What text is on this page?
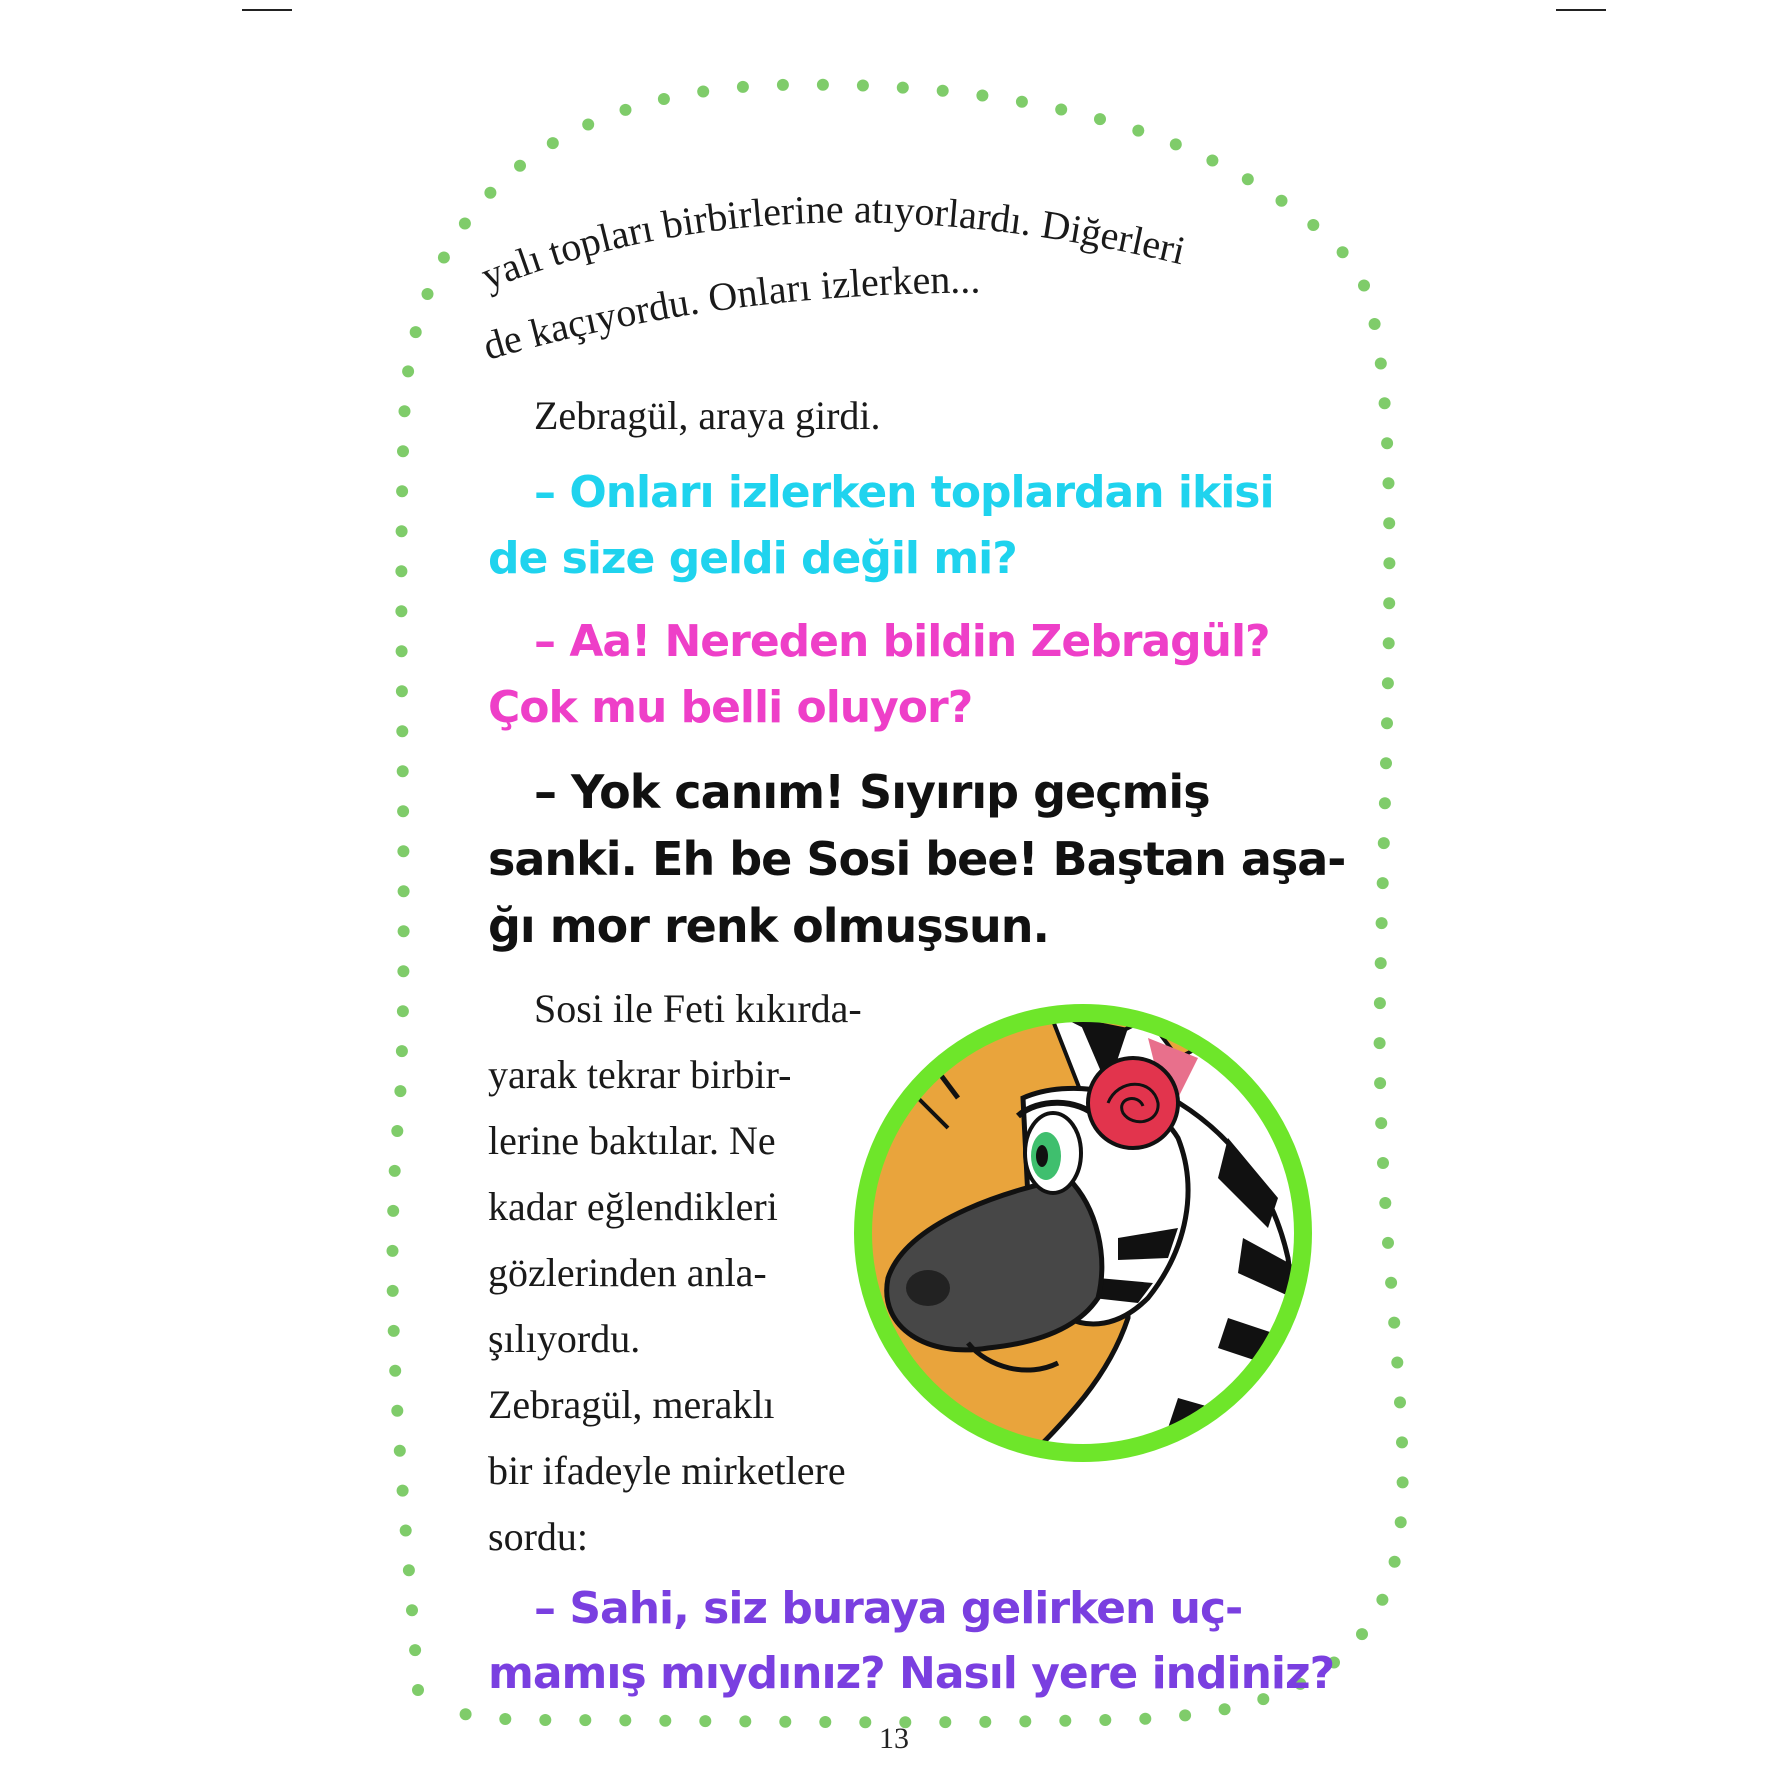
yalı topları birbirlerine atıyorlardı. Diğerleri
de kaçıyordu. Onları izlerken...
Zebragül, araya girdi.
– Onları izlerken toplardan ikisi
de size geldi değil mi?
– Aa! Nereden bildin Zebragül?
Çok mu belli oluyor?
– Yok canım! Sıyırıp geçmiş
sanki. Eh be Sosi bee! Baştan aşa-
ğı mor renk olmuşsun.
Sosi ile Feti kıkırda-
yarak tekrar birbir-
lerine baktılar. Ne
kadar eğlendikleri
gözlerinden anla-
şılıyordu.
Zebragül, meraklı
bir ifadeyle mirketlere
sordu:
– Sahi, siz buraya gelirken uç-
mamış mıydınız? Nasıl yere indiniz?
13
